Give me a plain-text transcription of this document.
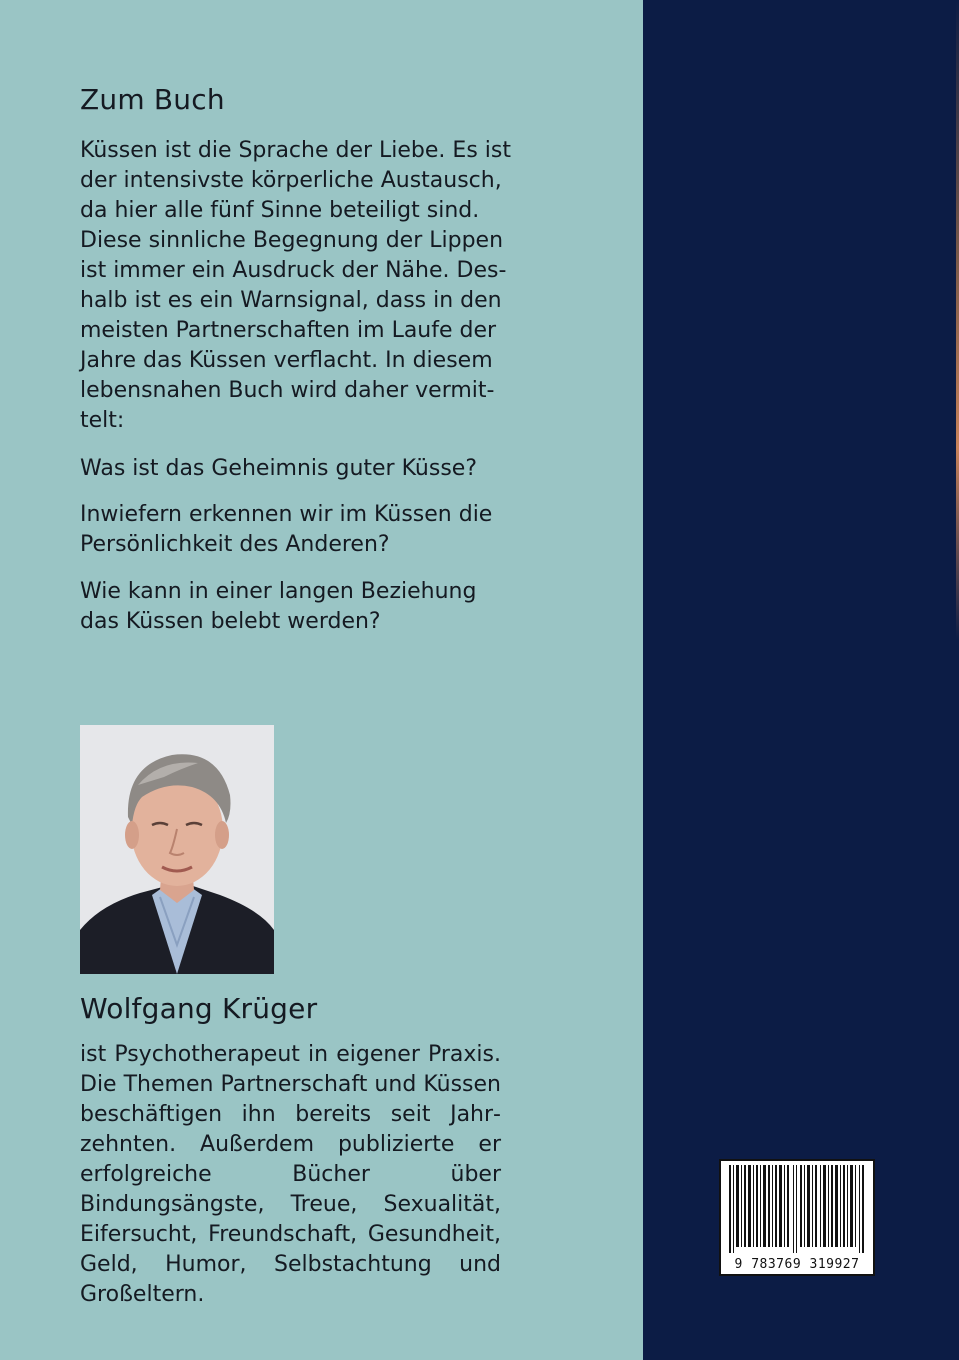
Zum Buch

Küssen ist die Sprache der Liebe. Es ist
der intensivste körperliche Austausch,
da hier alle fünf Sinne beteiligt sind.
Diese sinnliche Begegnung der Lippen
ist immer ein Ausdruck der Nähe. Des-
halb ist es ein Warnsignal, dass in den
meisten Partnerschaften im Laufe der
Jahre das Küssen verflacht. In diesem
lebensnahen Buch wird daher vermit-
telt:

Was ist das Geheimnis guter Küsse?

Inwiefern erkennen wir im Küssen die
Persönlichkeit des Anderen?

Wie kann in einer langen Beziehung
das Küssen belebt werden?

Wolfgang Krüger

ist Psychotherapeut in eigener Praxis. Die Themen Partnerschaft und Küssen beschäftigen ihn bereits seit Jahrzehnten. Außerdem publizierte er erfolgreiche Bücher über Bindungsängste, Treue, Sexualität, Eifersucht, Freundschaft, Gesundheit, Geld, Humor, Selbstachtung und Großeltern.

9 783769 319927
